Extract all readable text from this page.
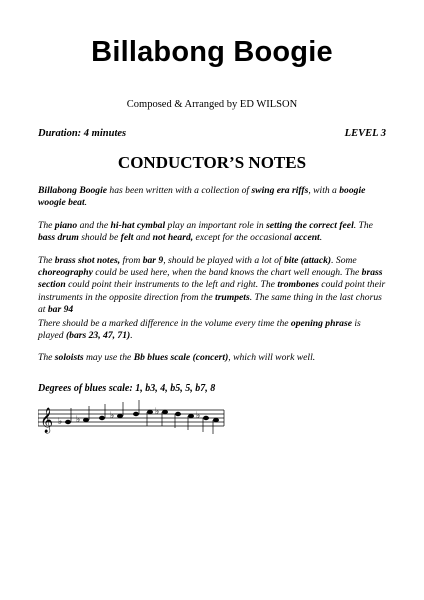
Billabong Boogie
Composed & Arranged by ED WILSON
Duration: 4 minutes	LEVEL 3
CONDUCTOR’S NOTES

Billabong Boogie has been written with a collection of swing era riffs, with a boogie woogie beat.

The piano and the hi-hat cymbal play an important role in setting the correct feel. The bass drum should be felt and not heard, except for the occasional accent.

The brass shot notes, from bar 9, should be played with a lot of bite (attack). Some choreography could be used here, when the band knows the chart well enough. The brass section could point their instruments to the left and right. The trombones could point their instruments in the opposite direction from the trumpets. The same thing in the last chorus at bar 94

There should be a marked difference in the volume every time the opening phrase is played (bars 23, 47, 71).

The soloists may use the Bb blues scale (concert), which will work well.

Degrees of blues scale: 1, b3, 4, b5, 5, b7, 8
𝄞 ♭ ♭	♭	♭	♭
